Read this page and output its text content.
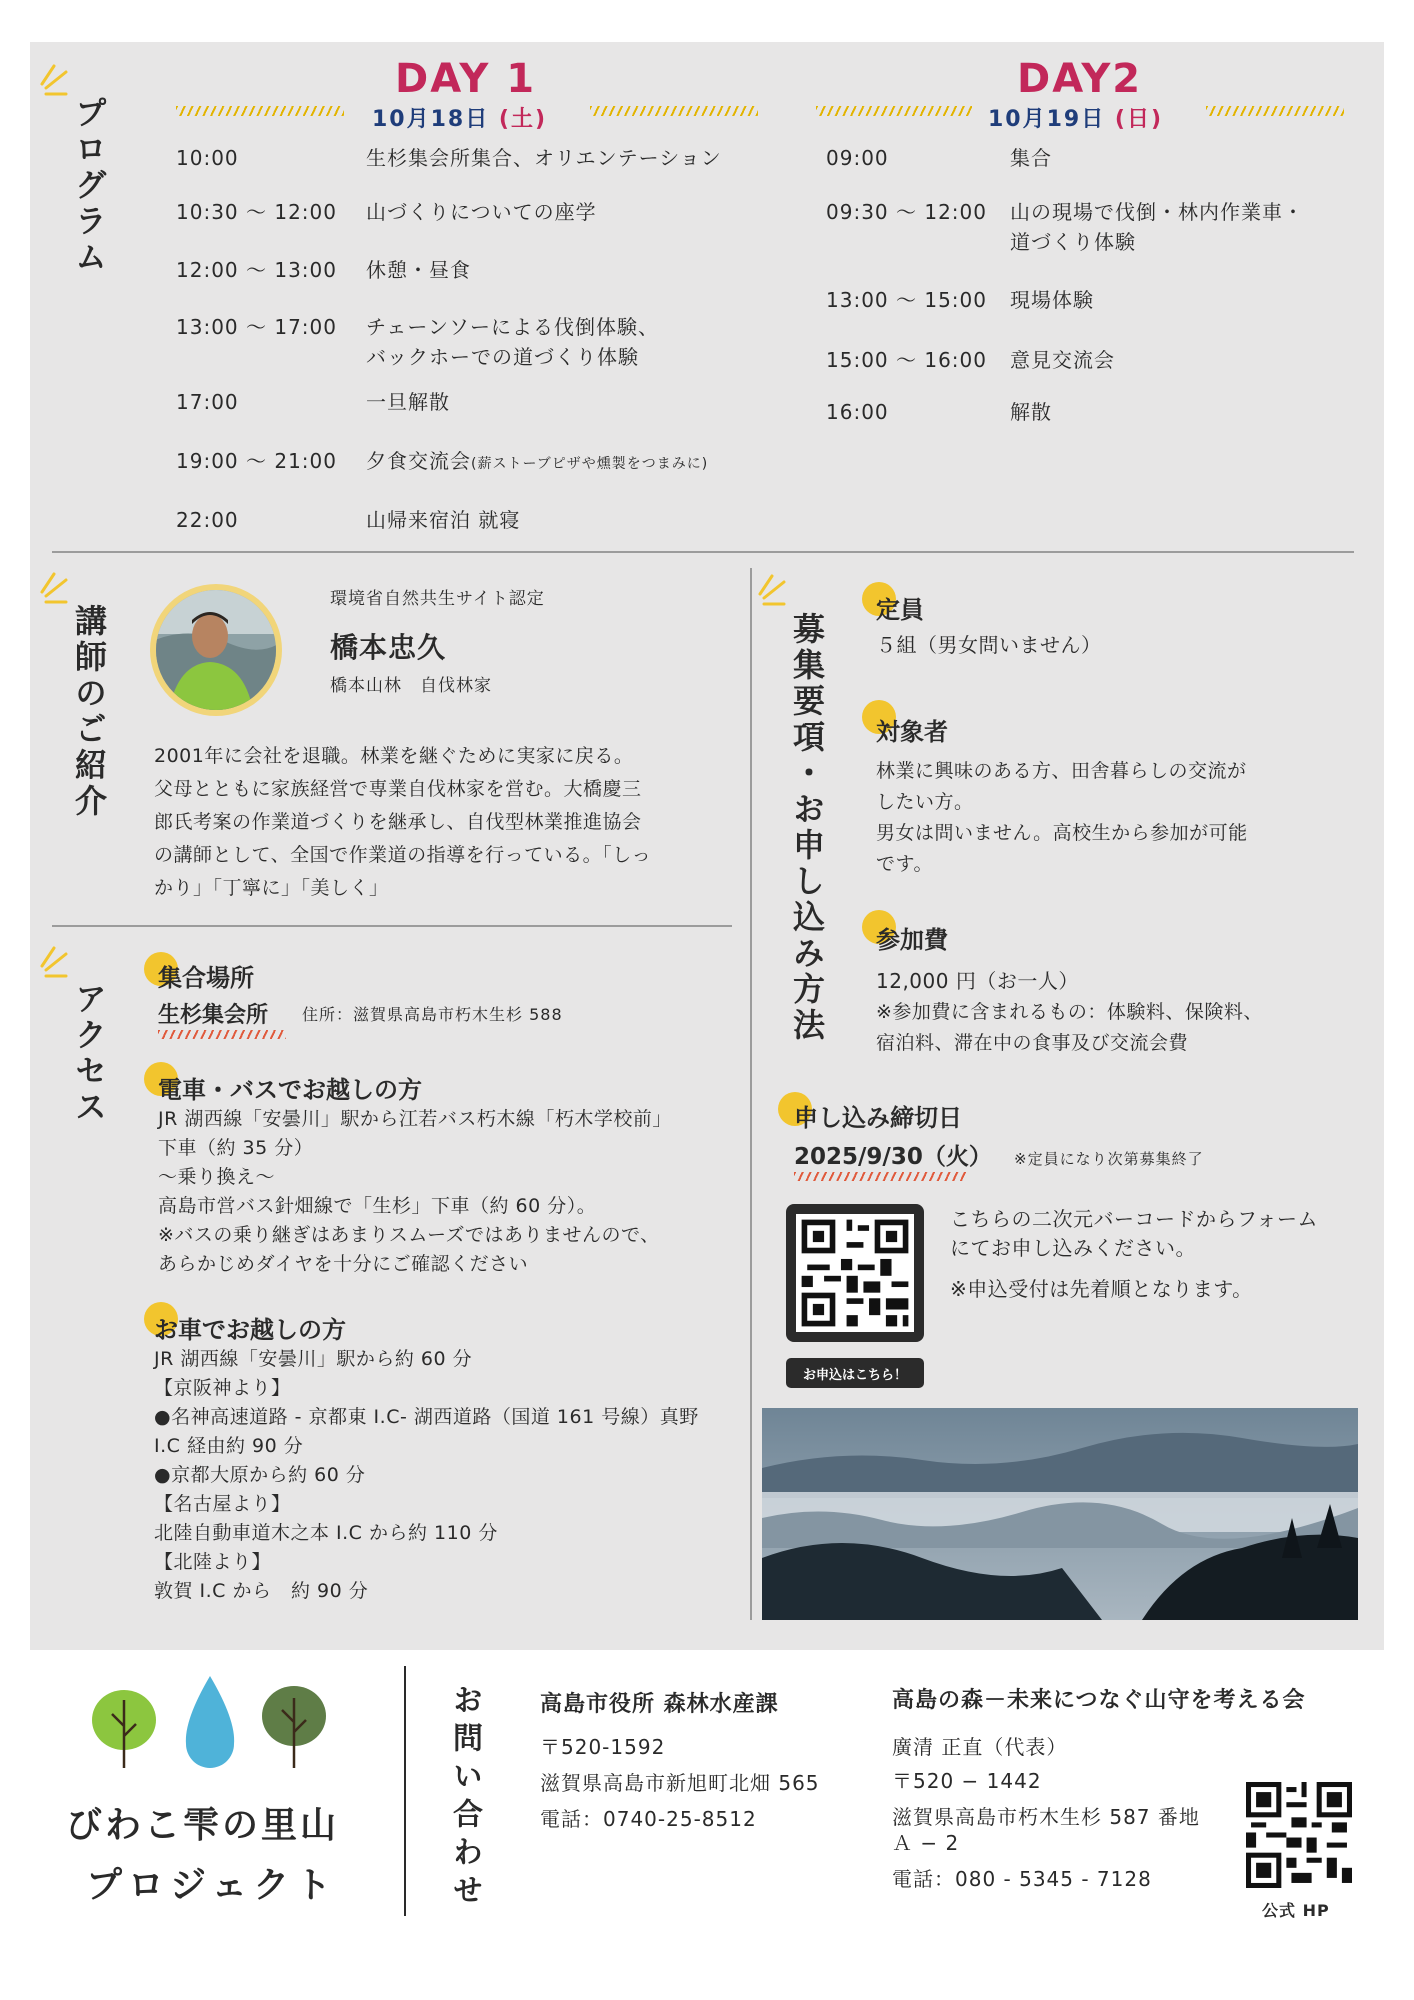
プログラム
DAY 1
10月18日 (土)
DAY2
10月19日 (日)
10:00	生杉集会所集合、オリエンテーション
10:30 〜 12:00 山づくりについての座学
12:00 〜 13:00 休憩・昼食
13:00 〜 17:00 チェーンソーによる伐倒体験、
バックホーでの道づくり体験
17:00	一旦解散
19:00 〜 21:00 夕食交流会(薪ストーブピザや燻製をつまみに)
22:00	山帰来宿泊 就寝
09:00	集合
09:30 〜 12:00 山の現場で伐倒・林内作業車・
道づくり体験
13:00 〜 15:00 現場体験
15:00 〜 16:00 意見交流会
16:00	解散
講師のご紹介
環境省自然共生サイト認定
橋本忠久
橋本山林　自伐林家
2001年に会社を退職。林業を継ぐために実家に戻る。
父母とともに家族経営で専業自伐林家を営む。大橋慶三
郎氏考案の作業道づくりを継承し、自伐型林業推進協会
の講師として、全国で作業道の指導を行っている。「しっ
かり」「丁寧に」「美しく」
アクセス
集合場所
生杉集会所 住所：滋賀県高島市朽木生杉 588
電車・バスでお越しの方
JR 湖西線「安曇川」駅から江若バス朽木線「朽木学校前」
下車（約 35 分）
〜乗り換え〜
高島市営バス針畑線で「生杉」下車（約 60 分）。
※バスの乗り継ぎはあまりスムーズではありませんので、
あらかじめダイヤを十分にご確認ください
お車でお越しの方
JR 湖西線「安曇川」駅から約 60 分
【京阪神より】
●名神高速道路 - 京都東 I.C- 湖西道路（国道 161 号線）真野
I.C 経由約 90 分
●京都大原から約 60 分
【名古屋より】
北陸自動車道木之本 I.C から約 110 分
【北陸より】
敦賀 I.C から　約 90 分
募集要項・お申し込み方法
定員
５組（男女問いません）
対象者
林業に興味のある方、田舎暮らしの交流が
したい方。
男女は問いません。高校生から参加が可能
です。
参加費
12,000 円（お一人）
※参加費に含まれるもの：体験料、保険料、
宿泊料、滞在中の食事及び交流会費
申し込み締切日
2025/9/30（火） ※定員になり次第募集終了
お申込はこちら！
こちらの二次元バーコードからフォーム
にてお申し込みください。
※申込受付は先着順となります。
びわこ雫の里山
プロジェクト	お問い合わせ	高島市役所 森林水産課
〒520-1592
滋賀県高島市新旭町北畑 565
電話：0740-25-8512
高島の森－未来につなぐ山守を考える会
廣清 正直（代表）
〒520 − 1442
滋賀県高島市朽木生杉 587 番地
Ａ − 2
電話：080 - 5345 - 7128
公式 HP
